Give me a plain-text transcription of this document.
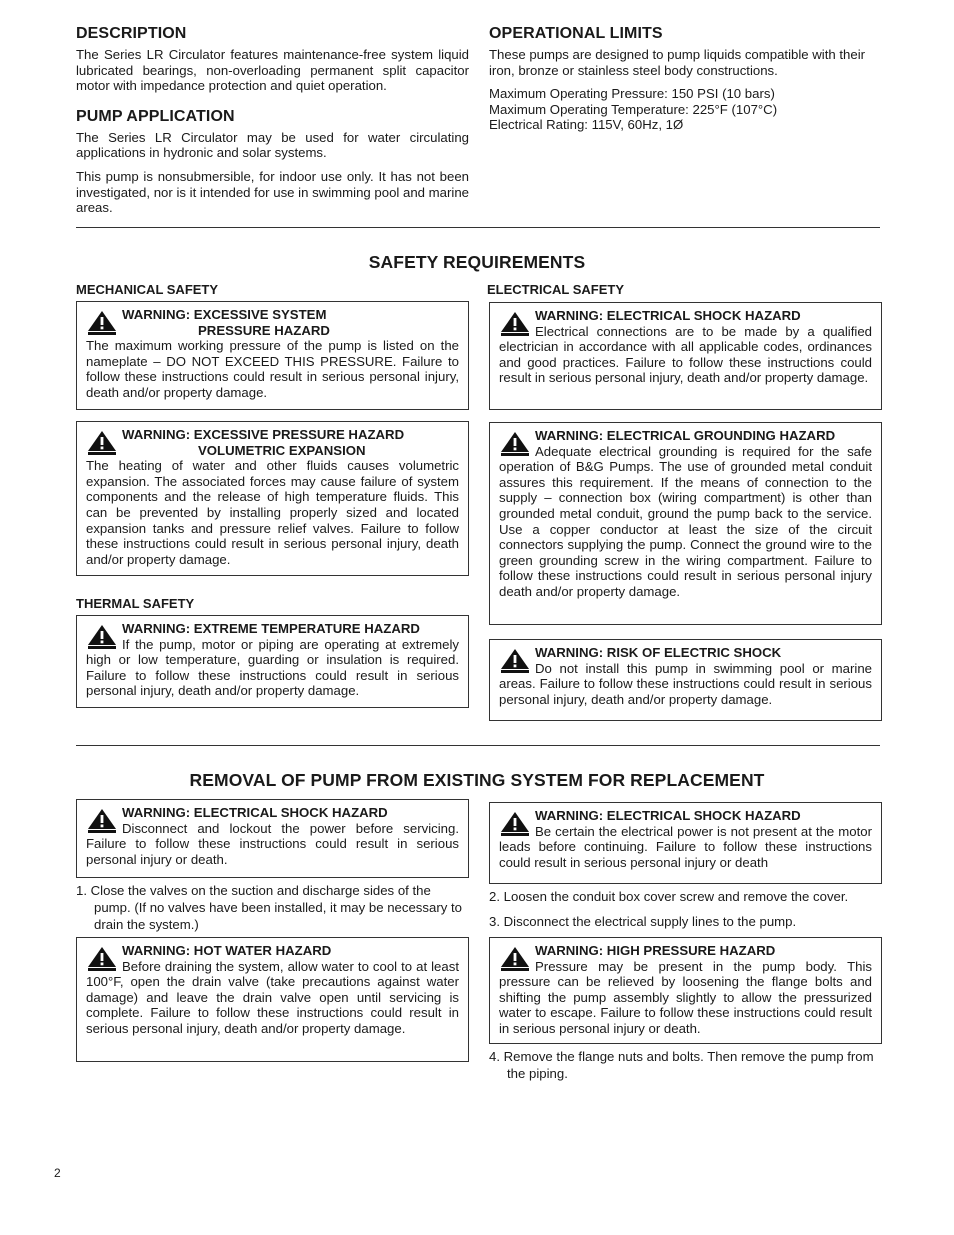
DESCRIPTION

The Series LR Circulator features maintenance-free system liquid lubricated bearings, non-overloading permanent split capacitor motor with impedance protection and quiet operation.

PUMP APPLICATION

The Series LR Circulator may be used for water circulating applications in hydronic and solar systems.

This pump is nonsubmersible, for indoor use only. It has not been investigated, nor is it intended for use in swimming pool and marine areas.

OPERATIONAL LIMITS

These pumps are designed to pump liquids compatible with their iron, bronze or stainless steel body constructions.

Maximum Operating Pressure: 150 PSI (10 bars)

Maximum Operating Temperature: 225°F (107°C)

Electrical Rating: 115V, 60Hz, 1Ø

SAFETY REQUIREMENTS
MECHANICAL SAFETY	ELECTRICAL SAFETY
WARNING: EXCESSIVE SYSTEM
PRESSURE HAZARD
The maximum working pressure of the pump is listed on the nameplate – DO NOT EXCEED THIS PRESSURE. Failure to follow these instructions could result in serious personal injury, death and/or property damage.
WARNING: EXCESSIVE PRESSURE HAZARD
VOLUMETRIC EXPANSION
The heating of water and other fluids causes volumetric expansion. The associated forces may cause failure of system components and the release of high temperature fluids. This can be prevented by installing properly sized and located expansion tanks and pressure relief valves. Failure to follow these instructions could result in serious personal injury, death and/or property damage.
THERMAL SAFETY
WARNING: EXTREME TEMPERATURE HAZARD
If the pump, motor or piping are operating at extremely high or low temperature, guarding or insulation is required. Failure to follow these instructions could result in serious personal injury, death and/or property damage.
WARNING: ELECTRICAL SHOCK HAZARD
Electrical connections are to be made by a qualified electrician in accordance with all applicable codes, ordinances and good practices. Failure to follow these instructions could result in serious personal injury, death and/or property damage.
WARNING: ELECTRICAL GROUNDING HAZARD
Adequate electrical grounding is required for the safe operation of B&G Pumps. The use of grounded metal conduit assures this requirement. If the means of connection to the supply – connection box (wiring compartment) is other than grounded metal conduit, ground the pump back to the service. Use a copper conductor at least the size of the circuit connectors supplying the pump. Connect the ground wire to the green grounding screw in the wiring compartment. Failure to follow these instructions could result in serious personal injury death and/or property damage.
WARNING: RISK OF ELECTRIC SHOCK
Do not install this pump in swimming pool or marine areas. Failure to follow these instructions could result in serious personal injury, death and/or property damage.
REMOVAL OF PUMP FROM EXISTING SYSTEM FOR REPLACEMENT
WARNING: ELECTRICAL SHOCK HAZARD
Disconnect and lockout the power before servicing. Failure to follow these instructions could result in serious personal injury or death.
1. Close the valves on the suction and discharge sides of the pump. (If no valves have been installed, it may be necessary to drain the system.)
WARNING: HOT WATER HAZARD
Before draining the system, allow water to cool to at least 100°F, open the drain valve (take precautions against water damage) and leave the drain valve open until servicing is complete. Failure to follow these instructions could result in serious personal injury, death and/or property damage.
WARNING: ELECTRICAL SHOCK HAZARD
Be certain the electrical power is not present at the motor leads before continuing. Failure to follow these instructions could result in serious personal injury or death
2. Loosen the conduit box cover screw and remove the cover.
3. Disconnect the electrical supply lines to the pump.
WARNING: HIGH PRESSURE HAZARD
Pressure may be present in the pump body. This pressure can be relieved by loosening the flange bolts and shifting the pump assembly slightly to allow the pressurized water to escape. Failure to follow these instructions could result in serious personal injury or death.
4. Remove the flange nuts and bolts. Then remove the pump from the piping.
2
